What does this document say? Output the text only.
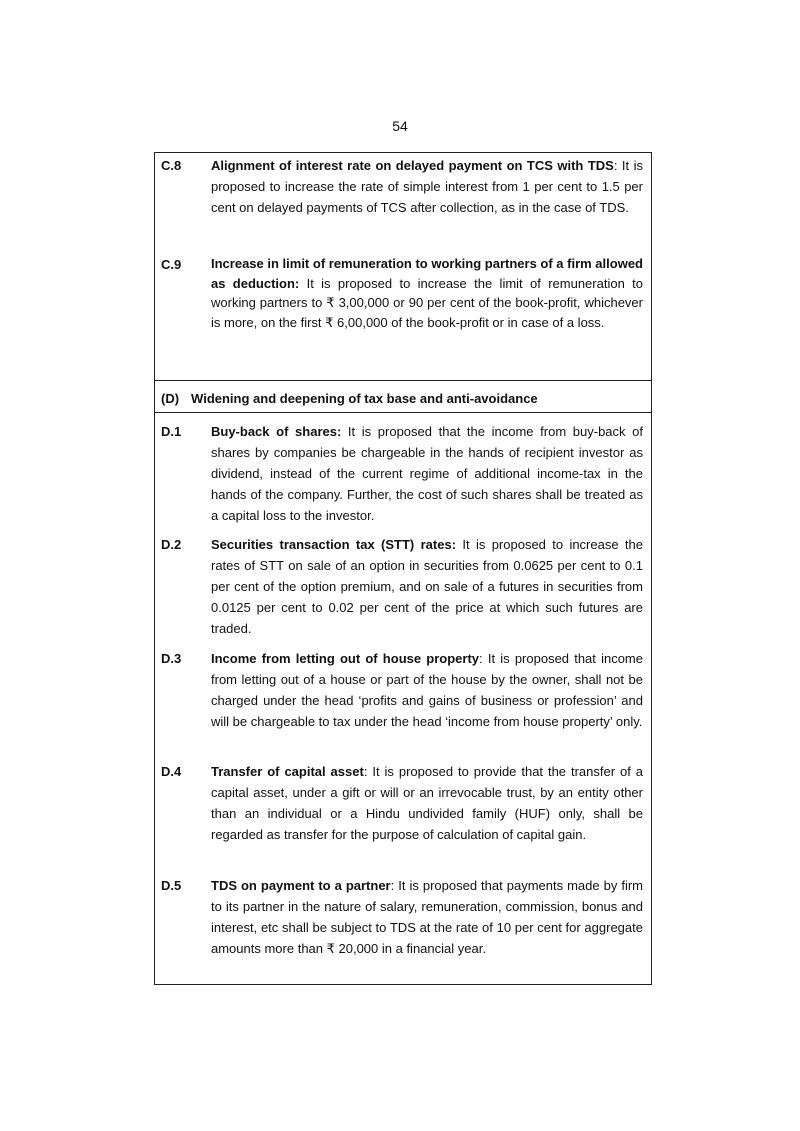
54
C.8 Alignment of interest rate on delayed payment on TCS with TDS: It is proposed to increase the rate of simple interest from 1 per cent to 1.5 per cent on delayed payments of TCS after collection, as in the case of TDS.
C.9 Increase in limit of remuneration to working partners of a firm allowed as deduction: It is proposed to increase the limit of remuneration to working partners to ₹ 3,00,000 or 90 per cent of the book-profit, whichever is more, on the first ₹ 6,00,000 of the book-profit or in case of a loss.
(D) Widening and deepening of tax base and anti-avoidance
D.1 Buy-back of shares: It is proposed that the income from buy-back of shares by companies be chargeable in the hands of recipient investor as dividend, instead of the current regime of additional income-tax in the hands of the company. Further, the cost of such shares shall be treated as a capital loss to the investor.
D.2 Securities transaction tax (STT) rates: It is proposed to increase the rates of STT on sale of an option in securities from 0.0625 per cent to 0.1 per cent of the option premium, and on sale of a futures in securities from 0.0125 per cent to 0.02 per cent of the price at which such futures are traded.
D.3 Income from letting out of house property: It is proposed that income from letting out of a house or part of the house by the owner, shall not be charged under the head ‘profits and gains of business or profession’ and will be chargeable to tax under the head ‘income from house property’ only.
D.4 Transfer of capital asset: It is proposed to provide that the transfer of a capital asset, under a gift or will or an irrevocable trust, by an entity other than an individual or a Hindu undivided family (HUF) only, shall be regarded as transfer for the purpose of calculation of capital gain.
D.5 TDS on payment to a partner: It is proposed that payments made by firm to its partner in the nature of salary, remuneration, commission, bonus and interest, etc shall be subject to TDS at the rate of 10 per cent for aggregate amounts more than ₹ 20,000 in a financial year.
